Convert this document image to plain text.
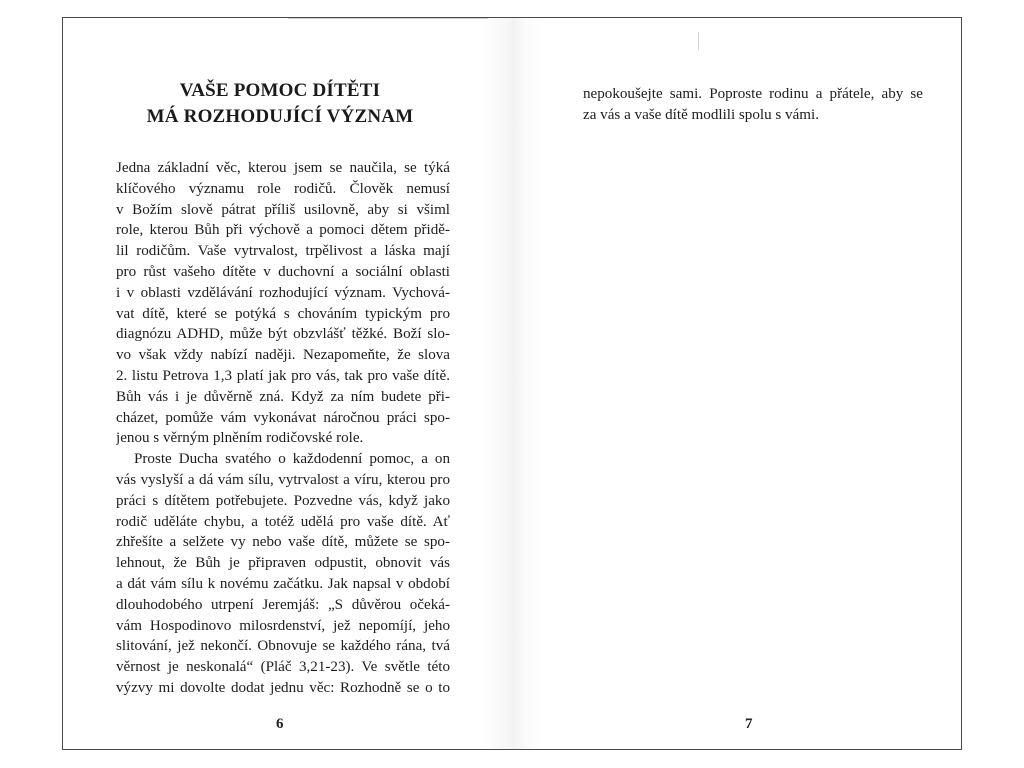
VAŠE POMOC DÍTĚTI
MÁ ROZHODUJÍCÍ VÝZNAM
Jedna základní věc, kterou jsem se naučila, se týká
klíčového významu role rodičů. Člověk nemusí
v Božím slově pátrat příliš usilovně, aby si všiml
role, kterou Bůh při výchově a pomoci dětem přidě-
lil rodičům. Vaše vytrvalost, trpělivost a láska mají
pro růst vašeho dítěte v duchovní a sociální oblasti
i v oblasti vzdělávání rozhodující význam. Vychová-
vat dítě, které se potýká s chováním typickým pro
diagnózu ADHD, může být obzvlášť těžké. Boží slo-
vo však vždy nabízí naději. Nezapomeňte, že slova
2. listu Petrova 1,3 platí jak pro vás, tak pro vaše dítě.
Bůh vás i je důvěrně zná. Když za ním budete při-
cházet, pomůže vám vykonávat náročnou práci spo-
jenou s věrným plněním rodičovské role.
Proste Ducha svatého o každodenní pomoc, a on
vás vyslyší a dá vám sílu, vytrvalost a víru, kterou pro
práci s dítětem potřebujete. Pozvedne vás, když jako
rodič uděláte chybu, a totéž udělá pro vaše dítě. Ať
zhřešíte a selžete vy nebo vaše dítě, můžete se spo-
lehnout, že Bůh je připraven odpustit, obnovit vás
a dát vám sílu k novému začátku. Jak napsal v období
dlouhodobého utrpení Jeremjáš: „S důvěrou očeká-
vám Hospodinovo milosrdenství, jež nepomíjí, jeho
slitování, jež nekončí. Obnovuje se každého rána, tvá
věrnost je neskonalá“ (Pláč 3,21-23). Ve světle této
výzvy mi dovolte dodat jednu věc: Rozhodně se o to
6
nepokoušejte sami. Poproste rodinu a přátele, aby se
za vás a vaše dítě modlili spolu s vámi.
7
